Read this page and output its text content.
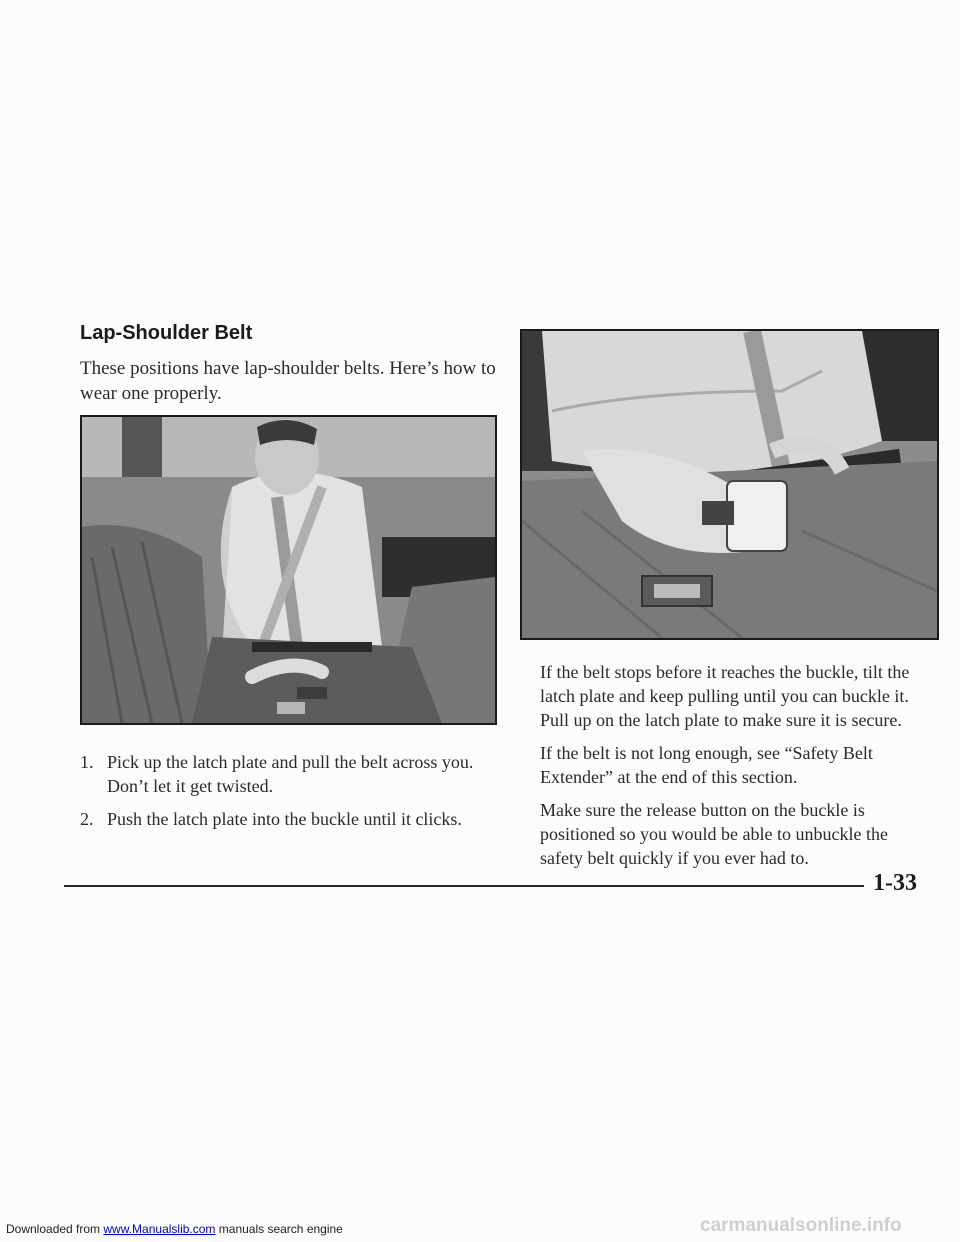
Lap-Shoulder Belt
These positions have lap-shoulder belts. Here’s how to wear one properly.
1. Pick up the latch plate and pull the belt across you. Don’t let it get twisted.
2. Push the latch plate into the buckle until it clicks.

If the belt stops before it reaches the buckle, tilt the latch plate and keep pulling until you can buckle it. Pull up on the latch plate to make sure it is secure.

If the belt is not long enough, see “Safety Belt Extender” at the end of this section.

Make sure the release button on the buckle is positioned so you would be able to unbuckle the safety belt quickly if you ever had to.

1-33
Downloaded from www.Manualslib.com manuals search engine	carmanualsonline.info
